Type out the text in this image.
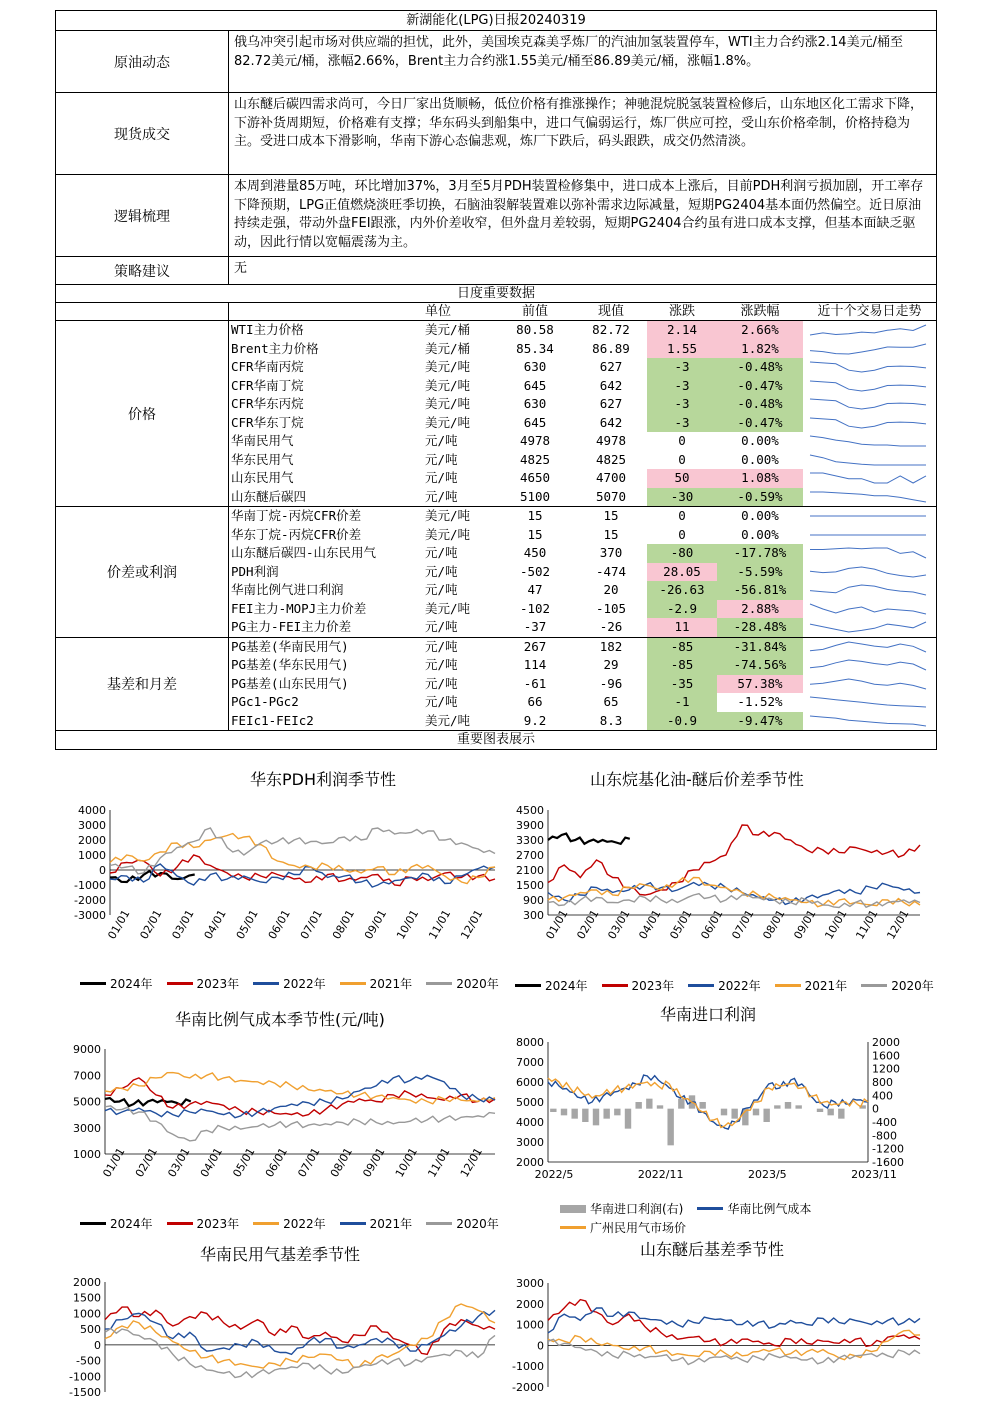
新湖能化(LPG)日报20240319
原油动态
俄乌冲突引起市场对供应端的担忧，此外，美国埃克森美孚炼厂的汽油加氢装置停车，WTI主力合约涨2.14美元/桶至82.72美元/桶，涨幅2.66%，Brent主力合约涨1.55美元/桶至86.89美元/桶，涨幅1.8%。
现货成交
山东醚后碳四需求尚可，今日厂家出货顺畅，低位价格有推涨操作；神驰混烷脱氢装置检修后，山东地区化工需求下降，下游补货周期短，价格难有支撑；华东码头到船集中，进口气偏弱运行，炼厂供应可控，受山东价格牵制，价格持稳为主。受进口成本下滑影响，华南下游心态偏悲观，炼厂下跌后，码头跟跌，成交仍然清淡。
逻辑梳理
本周到港量85万吨，环比增加37%，3月至5月PDH装置检修集中，进口成本上涨后，目前PDH利润亏损加剧，开工率存下降预期，LPG正值燃烧淡旺季切换，石脑油裂解装置难以弥补需求边际减量，短期PG2404基本面仍然偏空。近日原油持续走强，带动外盘FEI跟涨，内外价差收窄，但外盘月差较弱，短期PG2404合约虽有进口成本支撑，但基本面缺乏驱动，因此行情以宽幅震荡为主。
策略建议	无
日度重要数据
单位	前值	现值	涨跌	涨跌幅	近十个交易日走势
价格
WTI主力价格	美元/桶	80.58	82.72	2.14	2.66%
Brent主力价格	美元/桶	85.34	86.89	1.55	1.82%
CFR华南丙烷	美元/吨	630	627	-3	-0.48%
CFR华南丁烷	美元/吨	645	642	-3	-0.47%
CFR华东丙烷	美元/吨	630	627	-3	-0.48%
CFR华东丁烷	美元/吨	645	642	-3	-0.47%
华南民用气	元/吨	4978	4978	0	0.00%
华东民用气	元/吨	4825	4825	0	0.00%
山东民用气	元/吨	4650	4700	50	1.08%
山东醚后碳四	元/吨	5100	5070	-30	-0.59%
价差或利润
华南丁烷-丙烷CFR价差	美元/吨	15	15	0	0.00%
华东丁烷-丙烷CFR价差	美元/吨	15	15	0	0.00%
山东醚后碳四-山东民用气	元/吨	450	370	-80	-17.78%
PDH利润	元/吨	-502	-474	28.05	-5.59%
华南比例气进口利润	元/吨	47	20	-26.63	-56.81%
FEI主力-MOPJ主力价差	美元/吨	-102	-105	-2.9	2.88%
PG主力-FEI主力价差	元/吨	-37	-26	11	-28.48%
基差和月差
PG基差(华南民用气)	元/吨	267	182	-85	-31.84%
PG基差(华东民用气)	元/吨	114	29	-85	-74.56%
PG基差(山东民用气)	元/吨	-61	-96	-35	57.38%
PGc1-PGc2	元/吨	66	65	-1	-1.52%
FEIc1-FEIc2	美元/吨	9.2	8.3	-0.9	-9.47%
重要图表展示
华东PDH利润季节性
4000
3000
2000
1000
0
-1000
-2000
-3000 01/01 02/01 03/01 04/01 05/01 06/01 07/01 08/01 09/01 10/01 11/01 12/01
2024年	2023年	2022年	2021年	2020年
山东烷基化油-醚后价差季节性
4500
3900
3300
2700
2100
1500
900
300 01/01 02/01 03/01 04/01 05/01 06/01 07/01 08/01 09/01 10/01 11/01 12/01
2024年	2023年	2022年	2021年	2020年
华南比例气成本季节性(元/吨)
9000
7000
5000
3000
1000 01/01 02/01 03/01 04/01 05/01 06/01 07/01 08/01 09/01 10/01 11/01 12/01
2024年	2023年	2022年	2021年	2020年
华南进口利润
8000
7000
6000
5000
4000
3000
2000
2000
1600
1200
800
400
0
-400
-800
-1200
-1600
2022/5	2022/11	2023/5	2023/11
华南进口利润(右)	华南比例气成本
广州民用气市场价
华南民用气基差季节性
2000
1500
1000
500
0
-500
-1000
-1500
山东醚后基差季节性
3000
2000
1000
0
-1000
-2000
